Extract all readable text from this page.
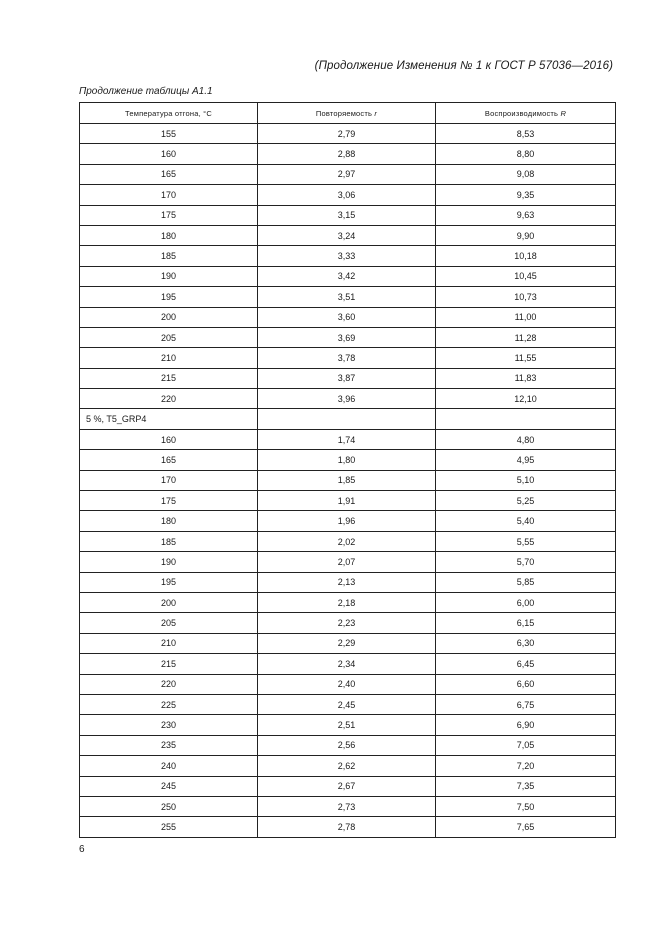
(Продолжение Изменения № 1 к ГОСТ Р 57036—2016)
Продолжение таблицы А1.1
Температура отгона, °С	Повторяемость r	Воспроизводимость R
155	2,79	8,53
160	2,88	8,80
165	2,97	9,08
170	3,06	9,35
175	3,15	9,63
180	3,24	9,90
185	3,33	10,18
190	3,42	10,45
195	3,51	10,73
200	3,60	11,00
205	3,69	11,28
210	3,78	11,55
215	3,87	11,83
220	3,96	12,10
5 %, T5_GRP4		
160	1,74	4,80
165	1,80	4,95
170	1,85	5,10
175	1,91	5,25
180	1,96	5,40
185	2,02	5,55
190	2,07	5,70
195	2,13	5,85
200	2,18	6,00
205	2,23	6,15
210	2,29	6,30
215	2,34	6,45
220	2,40	6,60
225	2,45	6,75
230	2,51	6,90
235	2,56	7,05
240	2,62	7,20
245	2,67	7,35
250	2,73	7,50
255	2,78	7,65
6
